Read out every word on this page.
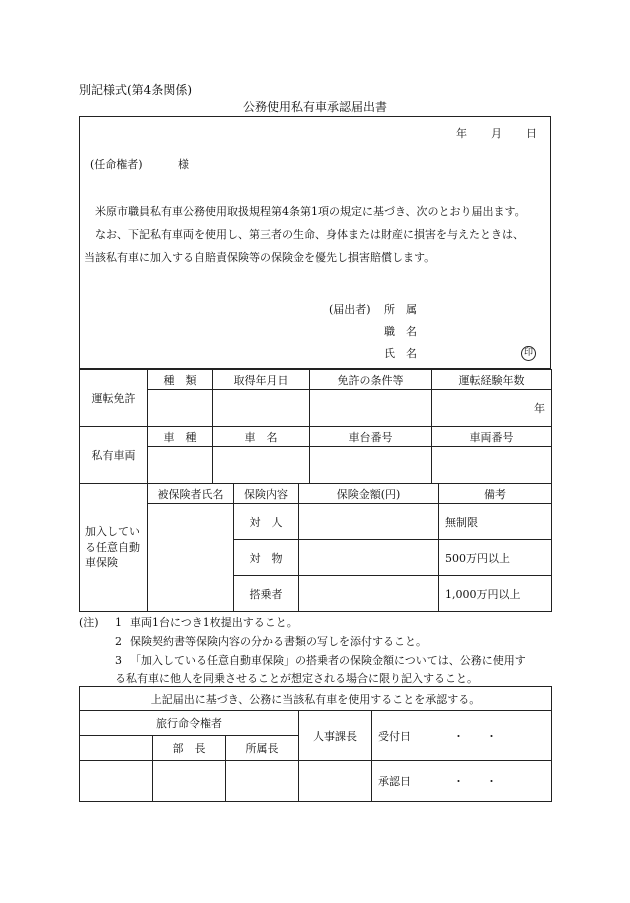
別記様式(第4条関係)
公務使用私有車承認届出書
年 月 日
(任命権者)	様
米原市職員私有車公務使用取扱規程第4条第1項の規定に基づき、次のとおり届出ます。
なお、下記私有車両を使用し、第三者の生命、身体または財産に損害を与えたときは、
当該私有車に加入する自賠責保険等の保険金を優先し損害賠償します。
(届出者) 所　属
職　名
氏　名	印
運転免許	種　類	取得年月日	免許の条件等	運転経験年数
				年
私有車両	車　種	車　名	車台番号	車両番号

加入している任意自動車保険	被保険者氏名	保険内容	保険金額(円)	備考
		対　人		無制限
		対　物		500万円以上
		搭乗者		1,000万円以上
(注) 1 車両1台につき1枚提出すること。
2 保険契約書等保険内容の分かる書類の写しを添付すること。
3 「加入している任意自動車保険」の搭乗者の保険金額については、公務に使用す
る私有車に他人を同乗させることが想定される場合に限り記入すること。
上記届出に基づき、公務に当該私有車を使用することを承認する。				
旅行命令権者			人事課長	受付日 ・　　・
	部　長	所属長		
				承認日 ・　　・
